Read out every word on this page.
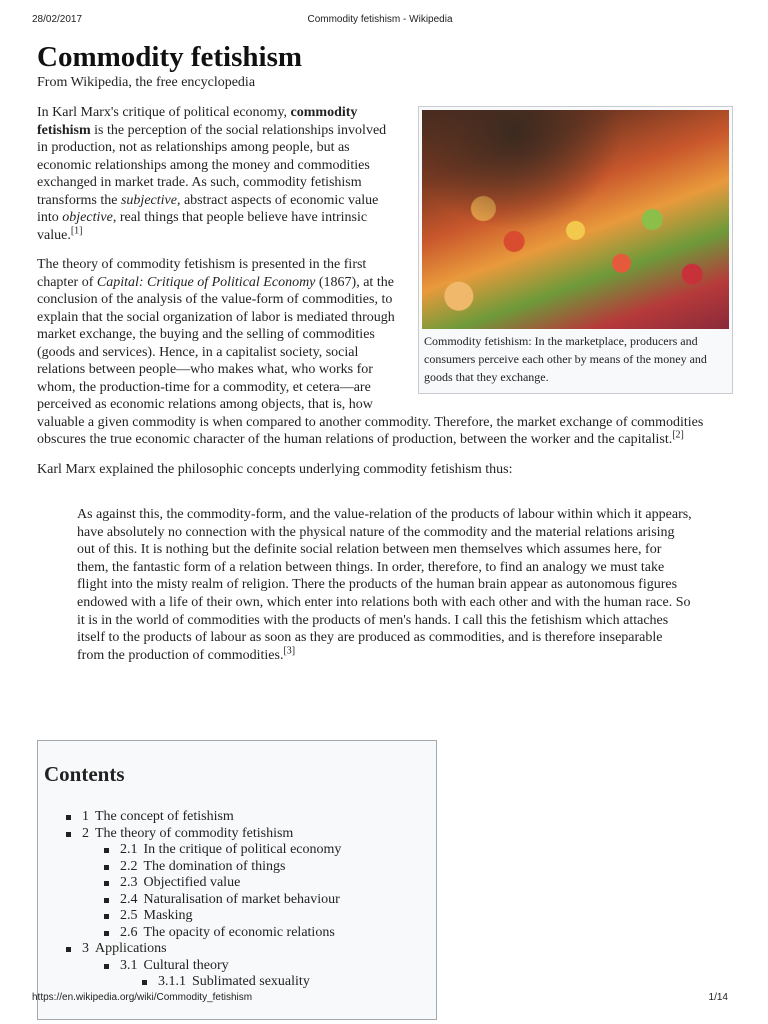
28/02/2017	Commodity fetishism - Wikipedia
Commodity fetishism
From Wikipedia, the free encyclopedia
Commodity fetishism: In the marketplace, producers and consumers perceive each other by means of the money and goods that they exchange.

In Karl Marx's critique of political economy, commodity fetishism is the perception of the social relationships involved in production, not as relationships among people, but as economic relationships among the money and commodities exchanged in market trade. As such, commodity fetishism transforms the subjective, abstract aspects of economic value into objective, real things that people believe have intrinsic value.[1]

The theory of commodity fetishism is presented in the first chapter of Capital: Critique of Political Economy (1867), at the conclusion of the analysis of the value-form of commodities, to explain that the social organization of labor is mediated through market exchange, the buying and the selling of commodities (goods and services). Hence, in a capitalist society, social relations between people—who makes what, who works for whom, the production-time for a commodity, et cetera—are perceived as economic relations among objects, that is, how valuable a given commodity is when compared to another commodity. Therefore, the market exchange of commodities obscures the true economic character of the human relations of production, between the worker and the capitalist.[2]

Karl Marx explained the philosophic concepts underlying commodity fetishism thus:

As against this, the commodity-form, and the value-relation of the products of labour within which it appears, have absolutely no connection with the physical nature of the commodity and the material relations arising out of this. It is nothing but the definite social relation between men themselves which assumes here, for them, the fantastic form of a relation between things. In order, therefore, to find an analogy we must take flight into the misty realm of religion. There the products of the human brain appear as autonomous figures endowed with a life of their own, which enter into relations both with each other and with the human race. So it is in the world of commodities with the products of men's hands. I call this the fetishism which attaches itself to the products of labour as soon as they are produced as commodities, and is therefore inseparable from the production of commodities.[3]
Contents
1 The concept of fetishism
2 The theory of commodity fetishism
2.1 In the critique of political economy
2.2 The domination of things
2.3 Objectified value
2.4 Naturalisation of market behaviour
2.5 Masking
2.6 The opacity of economic relations
3 Applications
3.1 Cultural theory
3.1.1 Sublimated sexuality
https://en.wikipedia.org/wiki/Commodity_fetishism	1/14
